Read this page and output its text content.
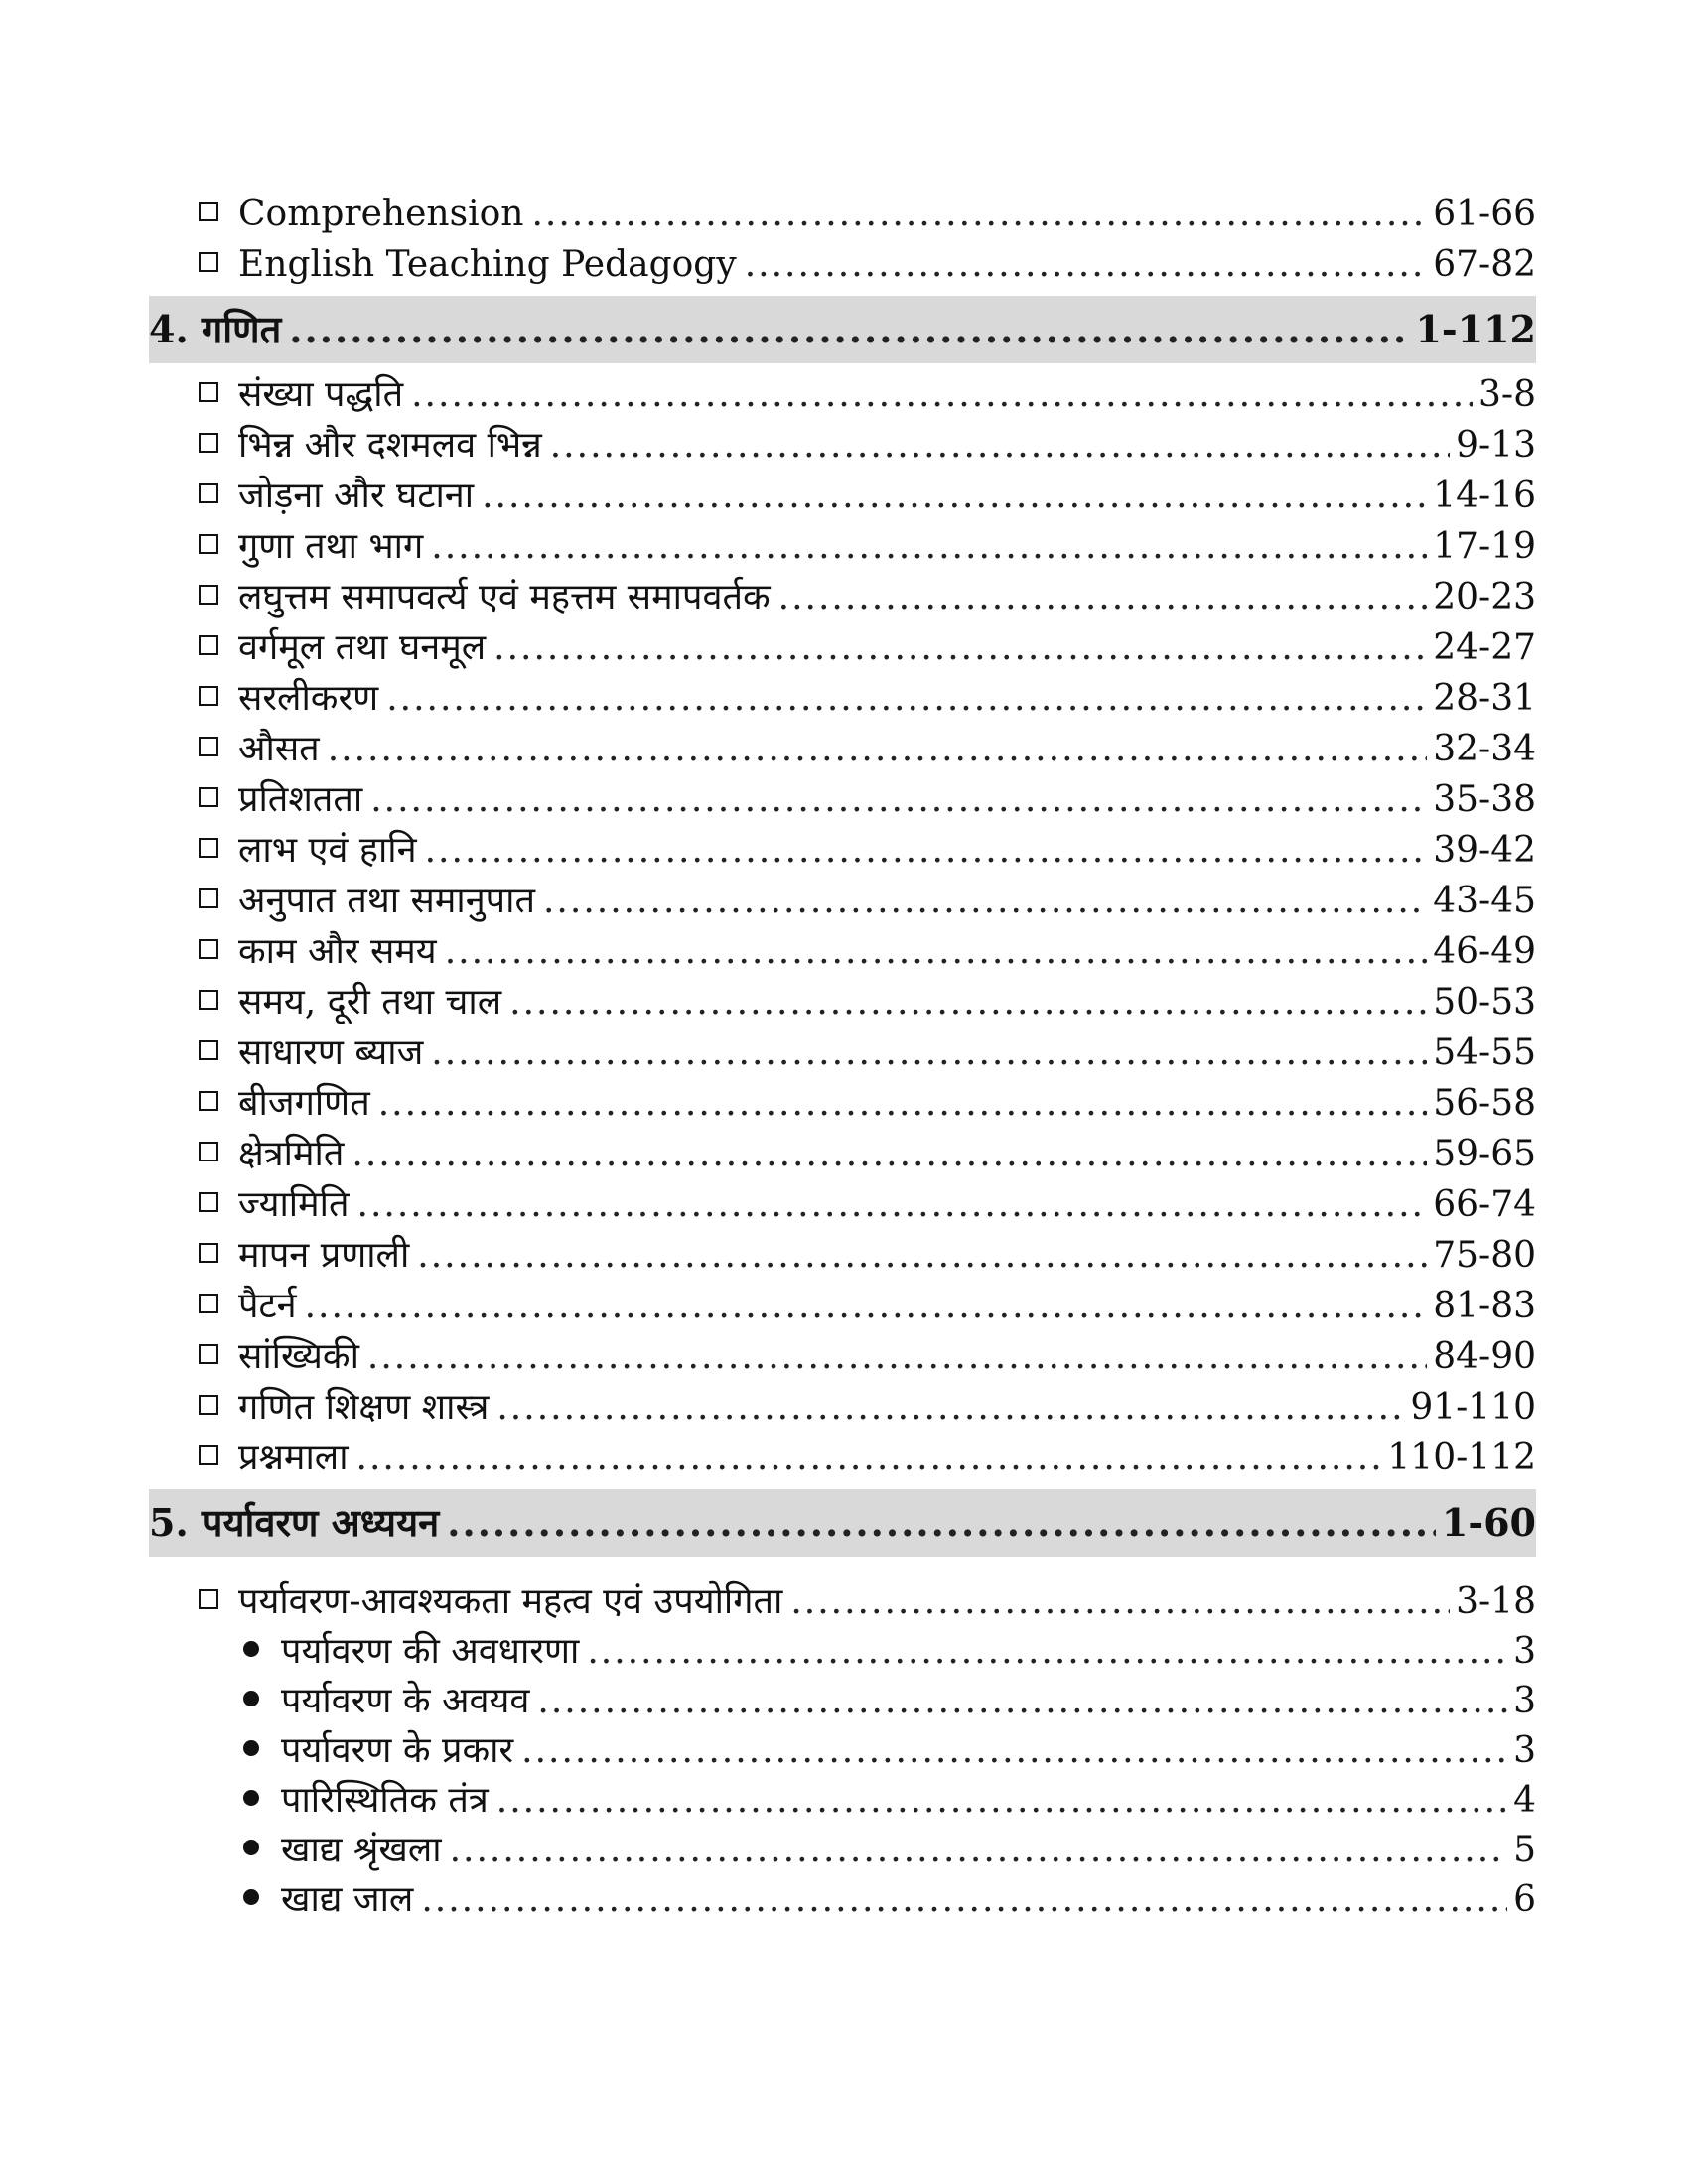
Comprehension .....	61-66
English Teaching Pedagogy .....	67-82
4. गणित .....	1-112
संख्या पद्धति .....	3-8
भिन्न और दशमलव भिन्न .....	9-13
जोड़ना और घटाना .....	14-16
गुणा तथा भाग .....	17-19
लघुत्तम समापवर्त्य एवं महत्तम समापवर्तक .....	20-23
वर्गमूल तथा घनमूल .....	24-27
सरलीकरण .....	28-31
औसत .....	32-34
प्रतिशतता .....	35-38
लाभ एवं हानि .....	39-42
अनुपात तथा समानुपात .....	43-45
काम और समय .....	46-49
समय, दूरी तथा चाल .....	50-53
साधारण ब्याज .....	54-55
बीजगणित .....	56-58
क्षेत्रमिति .....	59-65
ज्यामिति .....	66-74
मापन प्रणाली .....	75-80
पैटर्न .....	81-83
सांख्यिकी .....	84-90
गणित शिक्षण शास्त्र .....	91-110
प्रश्नमाला .....	110-112
5. पर्यावरण अध्ययन .....	1-60
पर्यावरण-आवश्यकता महत्व एवं उपयोगिता .....	3-18
पर्यावरण की अवधारणा .....	3
पर्यावरण के अवयव .....	3
पर्यावरण के प्रकार .....	3
पारिस्थितिक तंत्र .....	4
खाद्य श्रृंखला .....	5
खाद्य जाल .....	6
